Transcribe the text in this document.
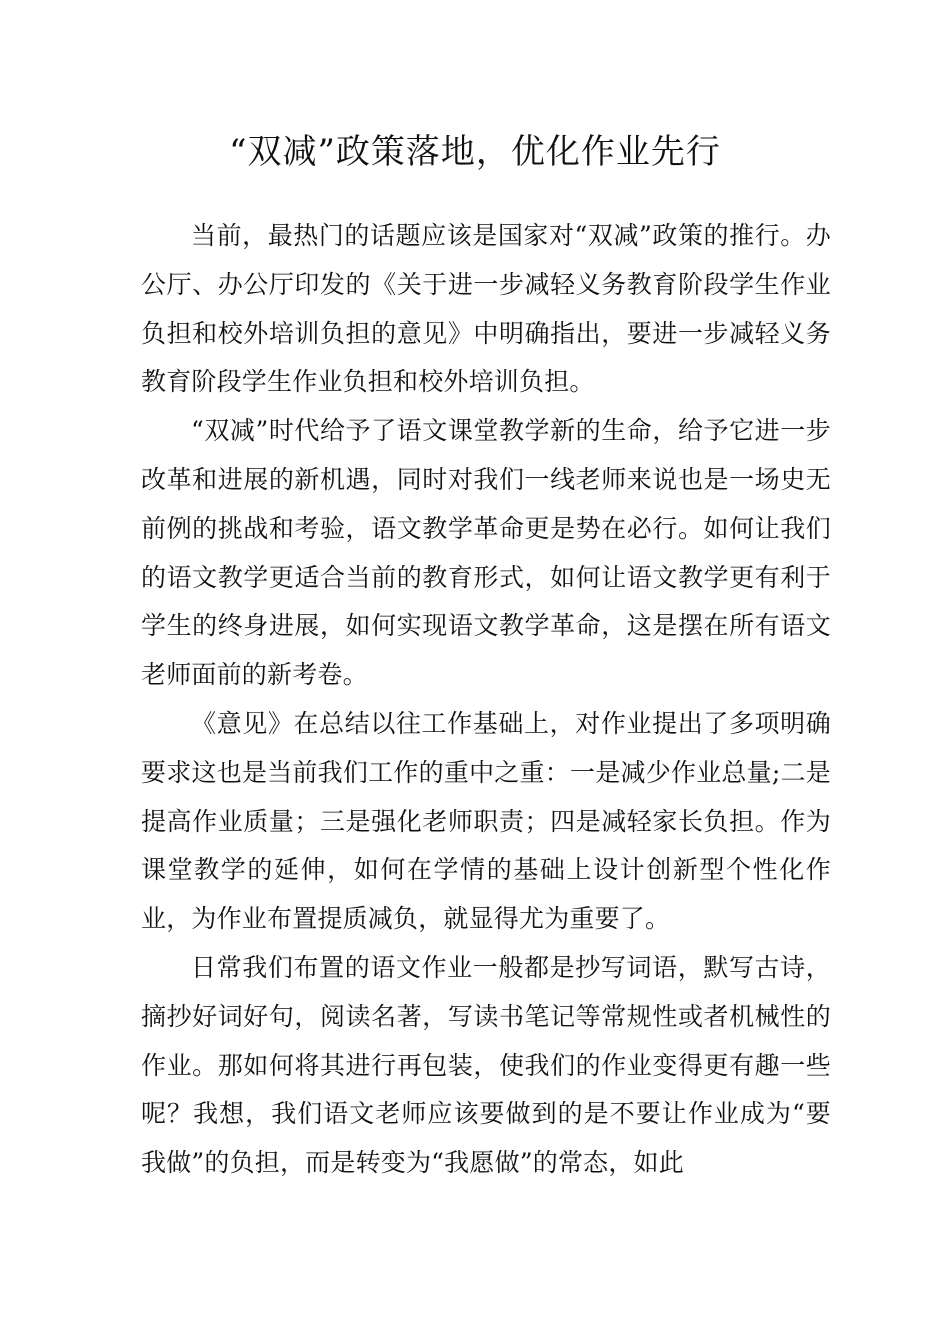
“双减”政策落地，优化作业先行

当前，最热门的话题应该是国家对“双减”政策的推行。办公厅、办公厅印发的《关于进一步减轻义务教育阶段学生作业负担和校外培训负担的意见》中明确指出，要进一步减轻义务教育阶段学生作业负担和校外培训负担。

“双减”时代给予了语文课堂教学新的生命，给予它进一步改革和进展的新机遇，同时对我们一线老师来说也是一场史无前例的挑战和考验，语文教学革命更是势在必行。如何让我们的语文教学更适合当前的教育形式，如何让语文教学更有利于学生的终身进展，如何实现语文教学革命，这是摆在所有语文老师面前的新考卷。

《意见》在总结以往工作基础上，对作业提出了多项明确要求这也是当前我们工作的重中之重：一是减少作业总量;二是提高作业质量；三是强化老师职责；四是减轻家长负担。作为课堂教学的延伸，如何在学情的基础上设计创新型个性化作业，为作业布置提质减负，就显得尤为重要了。

日常我们布置的语文作业一般都是抄写词语，默写古诗，摘抄好词好句，阅读名著，写读书笔记等常规性或者机械性的作业。那如何将其进行再包装，使我们的作业变得更有趣一些呢？我想，我们语文老师应该要做到的是不要让作业成为“要我做”的负担，而是转变为“我愿做”的常态，如此
